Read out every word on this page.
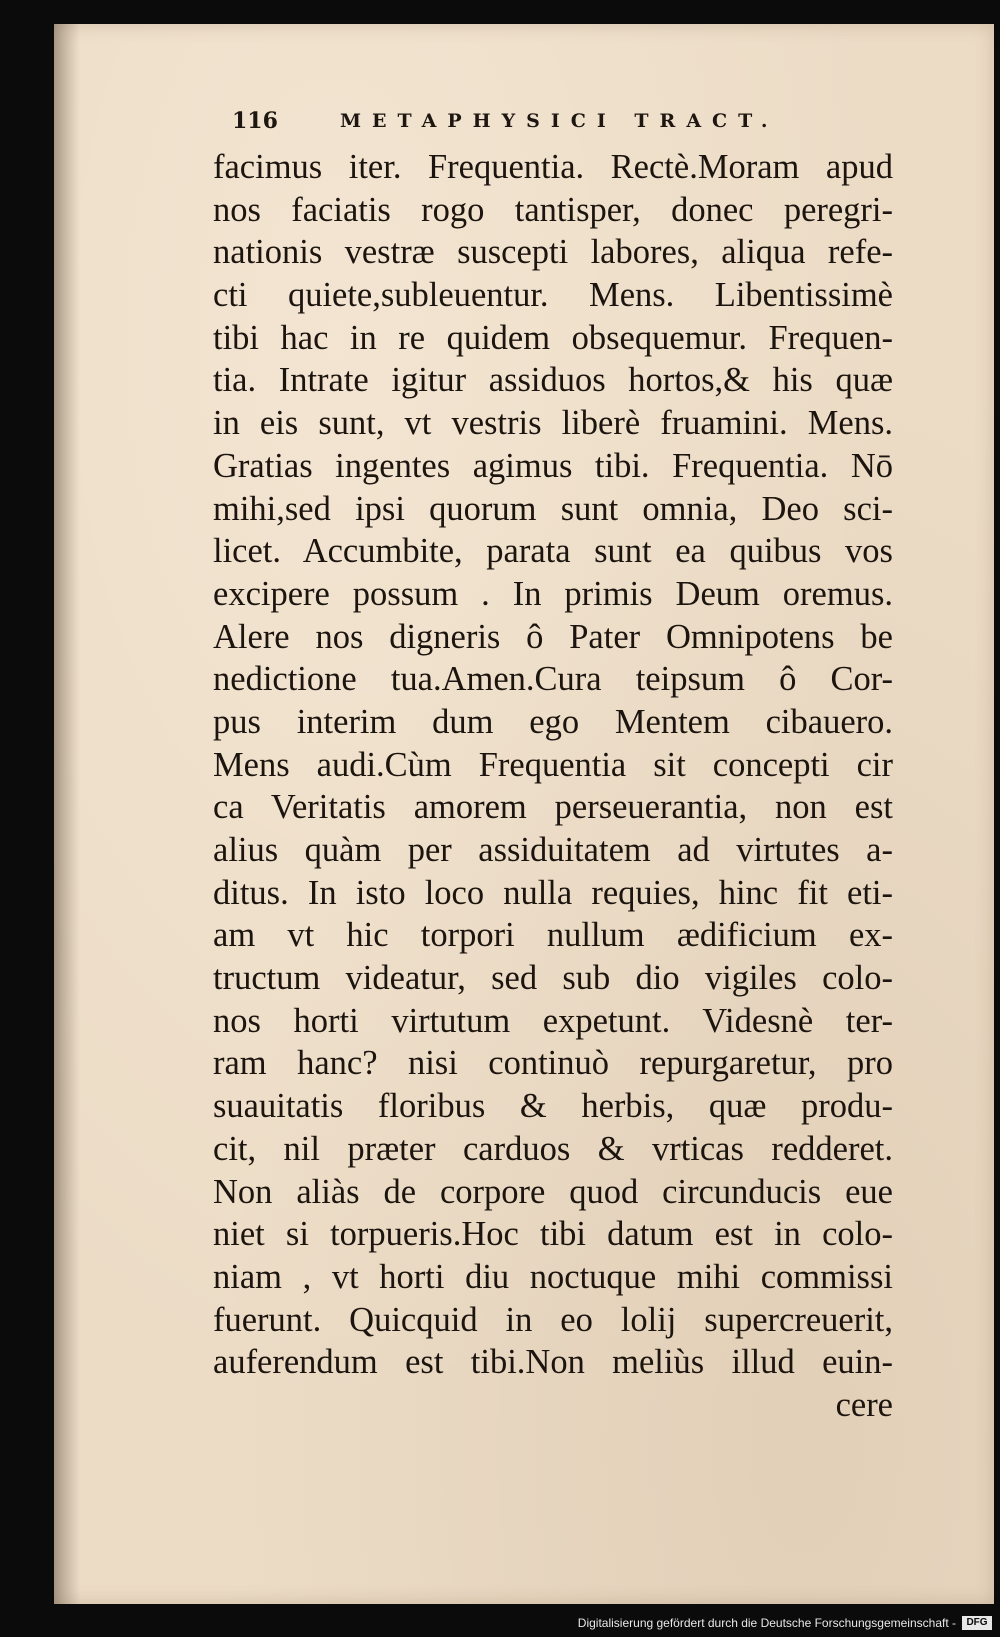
116	METAPHYSICI TRACT.
facimus iter. Frequentia. Rectè.Moram apud
nos faciatis rogo tantisper, donec peregri-
nationis vestræ suscepti labores, aliqua refe-
cti quiete,subleuentur. Mens. Libentissimè
tibi hac in re quidem obsequemur. Frequen-
tia. Intrate igitur assiduos hortos,& his quæ
in eis sunt, vt vestris liberè fruamini. Mens.
Gratias ingentes agimus tibi. Frequentia. Nō
mihi,sed ipsi quorum sunt omnia, Deo sci-
licet. Accumbite, parata sunt ea quibus vos
excipere possum . In primis Deum oremus.
Alere nos digneris ô Pater Omnipotens be
nedictione tua.Amen.Cura teipsum ô Cor-
pus interim dum ego Mentem cibauero.
Mens audi.Cùm Frequentia sit concepti cir
ca Veritatis amorem perseuerantia, non est
alius quàm per assiduitatem ad virtutes a-
ditus. In isto loco nulla requies, hinc fit eti-
am vt hic torpori nullum ædificium ex-
tructum videatur, sed sub dio vigiles colo-
nos horti virtutum expetunt. Videsnè ter-
ram hanc? nisi continuò repurgaretur, pro
suauitatis floribus & herbis, quæ produ-
cit, nil præter carduos & vrticas redderet.
Non aliàs de corpore quod circunducis eue
niet si torpueris.Hoc tibi datum est in colo-
niam , vt horti diu noctuque mihi commissi
fuerunt. Quicquid in eo lolij supercreuerit,
auferendum est tibi.Non meliùs illud euin-
cere
Digitalisierung gefördert durch die Deutsche Forschungsgemeinschaft -	DFG
